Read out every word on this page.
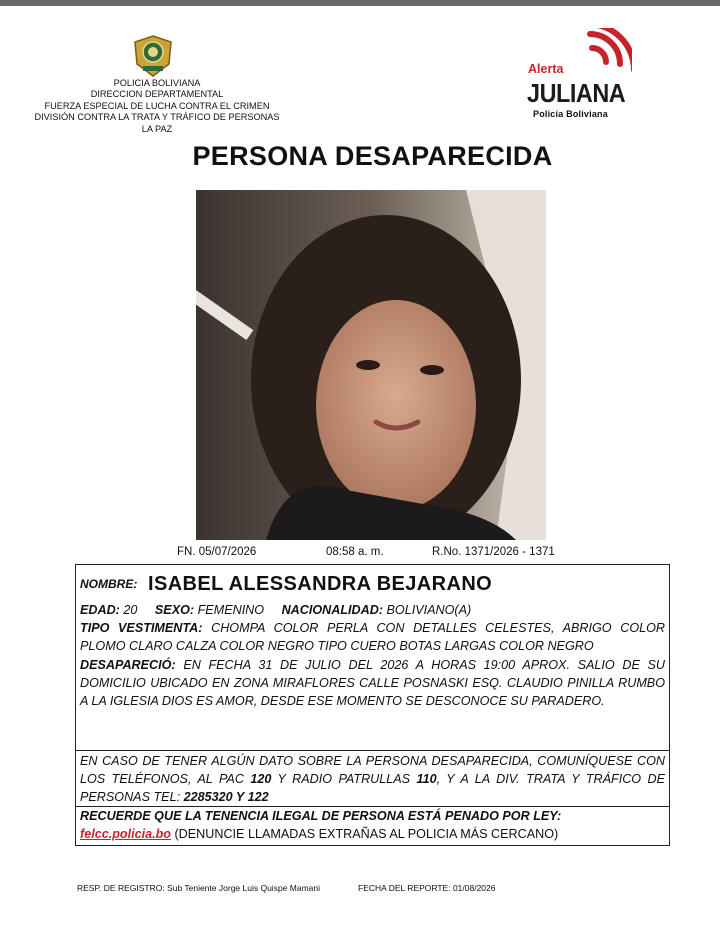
POLICIA BOLIVIANA
DIRECCION DEPARTAMENTAL
FUERZA ESPECIAL DE LUCHA CONTRA EL CRIMEN
DIVISIÓN CONTRA LA TRATA Y TRÁFICO DE PERSONAS
LA PAZ
Alerta
JULIANA
Policía Boliviana
PERSONA DESAPARECIDA
FN. 05/07/2026	08:58 a. m.	R.No. 1371/2026 - 1371
NOMBRE: ISABEL ALESSANDRA BEJARANO
EDAD: 20 SEXO: FEMENINO NACIONALIDAD: BOLIVIANO(A)
TIPO VESTIMENTA: CHOMPA COLOR PERLA CON DETALLES CELESTES, ABRIGO COLOR PLOMO CLARO CALZA COLOR NEGRO TIPO CUERO BOTAS LARGAS COLOR NEGRO
DESAPARECIÓ: EN FECHA 31 DE JULIO DEL 2026 A HORAS 19:00 APROX. SALIO DE SU DOMICILIO UBICADO EN ZONA MIRAFLORES CALLE POSNASKI ESQ. CLAUDIO PINILLA RUMBO A LA IGLESIA DIOS ES AMOR, DESDE ESE MOMENTO SE DESCONOCE SU PARADERO.
EN CASO DE TENER ALGÚN DATO SOBRE LA PERSONA DESAPARECIDA, COMUNÍQUESE CON LOS TELÉFONOS, AL PAC 120 Y RADIO PATRULLAS 110, Y A LA DIV. TRATA Y TRÁFICO DE PERSONAS TEL: 2285320 Y 122
RECUERDE QUE LA TENENCIA ILEGAL DE PERSONA ESTÁ PENADO POR LEY:
felcc.policia.bo (DENUNCIE LLAMADAS EXTRAÑAS AL POLICIA MÁS CERCANO)
RESP. DE REGISTRO: Sub Teniente Jorge Luis Quispe Mamani	FECHA DEL REPORTE: 01/08/2026
